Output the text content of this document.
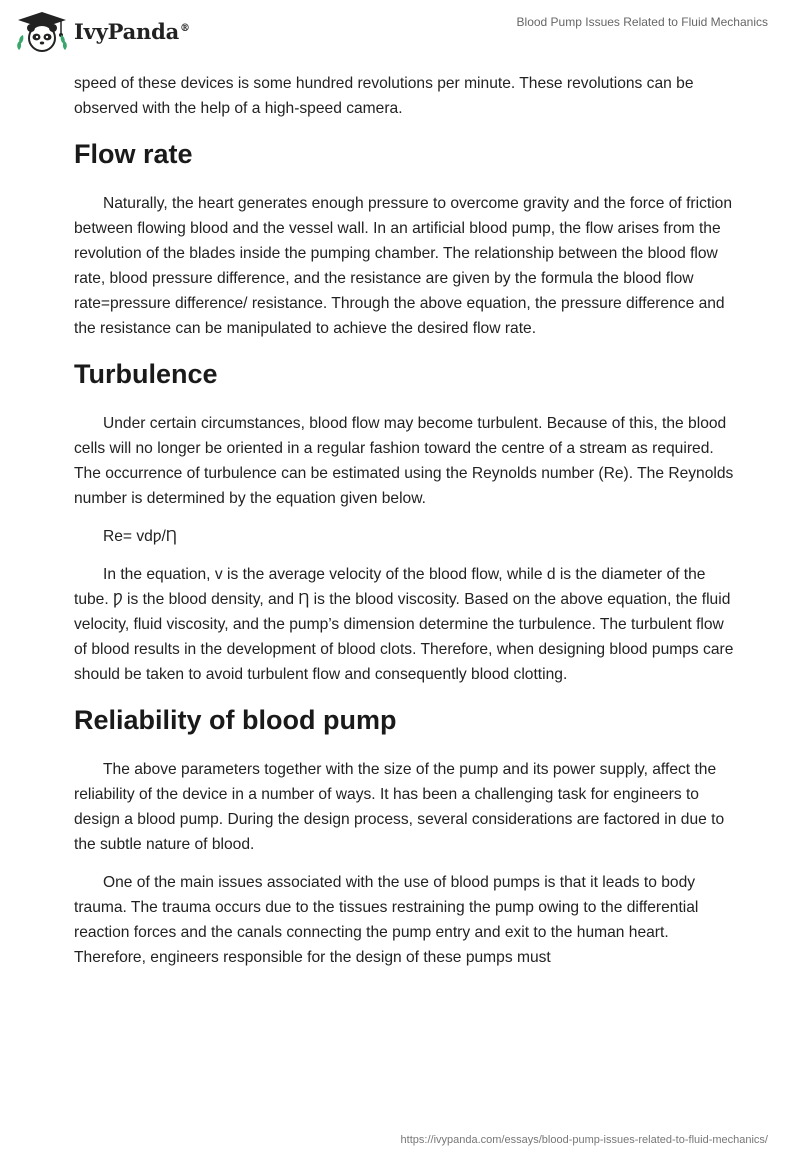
IvyPanda®	Blood Pump Issues Related to Fluid Mechanics

speed of these devices is some hundred revolutions per minute. These revolutions can be observed with the help of a high-speed camera.

Flow rate

Naturally, the heart generates enough pressure to overcome gravity and the force of friction between flowing blood and the vessel wall. In an artificial blood pump, the flow arises from the revolution of the blades inside the pumping chamber. The relationship between the blood flow rate, blood pressure difference, and the resistance are given by the formula the blood flow rate=pressure difference/ resistance. Through the above equation, the pressure difference and the resistance can be manipulated to achieve the desired flow rate.

Turbulence

Under certain circumstances, blood flow may become turbulent. Because of this, the blood cells will no longer be oriented in a regular fashion toward the centre of a stream as required. The occurrence of turbulence can be estimated using the Reynolds number (Re). The Reynolds number is determined by the equation given below.

Re= vdƿ/Ƞ

In the equation, v is the average velocity of the blood flow, while d is the diameter of the tube. Ƿ is the blood density, and Ƞ is the blood viscosity. Based on the above equation, the fluid velocity, fluid viscosity, and the pump’s dimension determine the turbulence. The turbulent flow of blood results in the development of blood clots. Therefore, when designing blood pumps care should be taken to avoid turbulent flow and consequently blood clotting.

Reliability of blood pump

The above parameters together with the size of the pump and its power supply, affect the reliability of the device in a number of ways. It has been a challenging task for engineers to design a blood pump. During the design process, several considerations are factored in due to the subtle nature of blood.

One of the main issues associated with the use of blood pumps is that it leads to body trauma. The trauma occurs due to the tissues restraining the pump owing to the differential reaction forces and the canals connecting the pump entry and exit to the human heart. Therefore, engineers responsible for the design of these pumps must

https://ivypanda.com/essays/blood-pump-issues-related-to-fluid-mechanics/
